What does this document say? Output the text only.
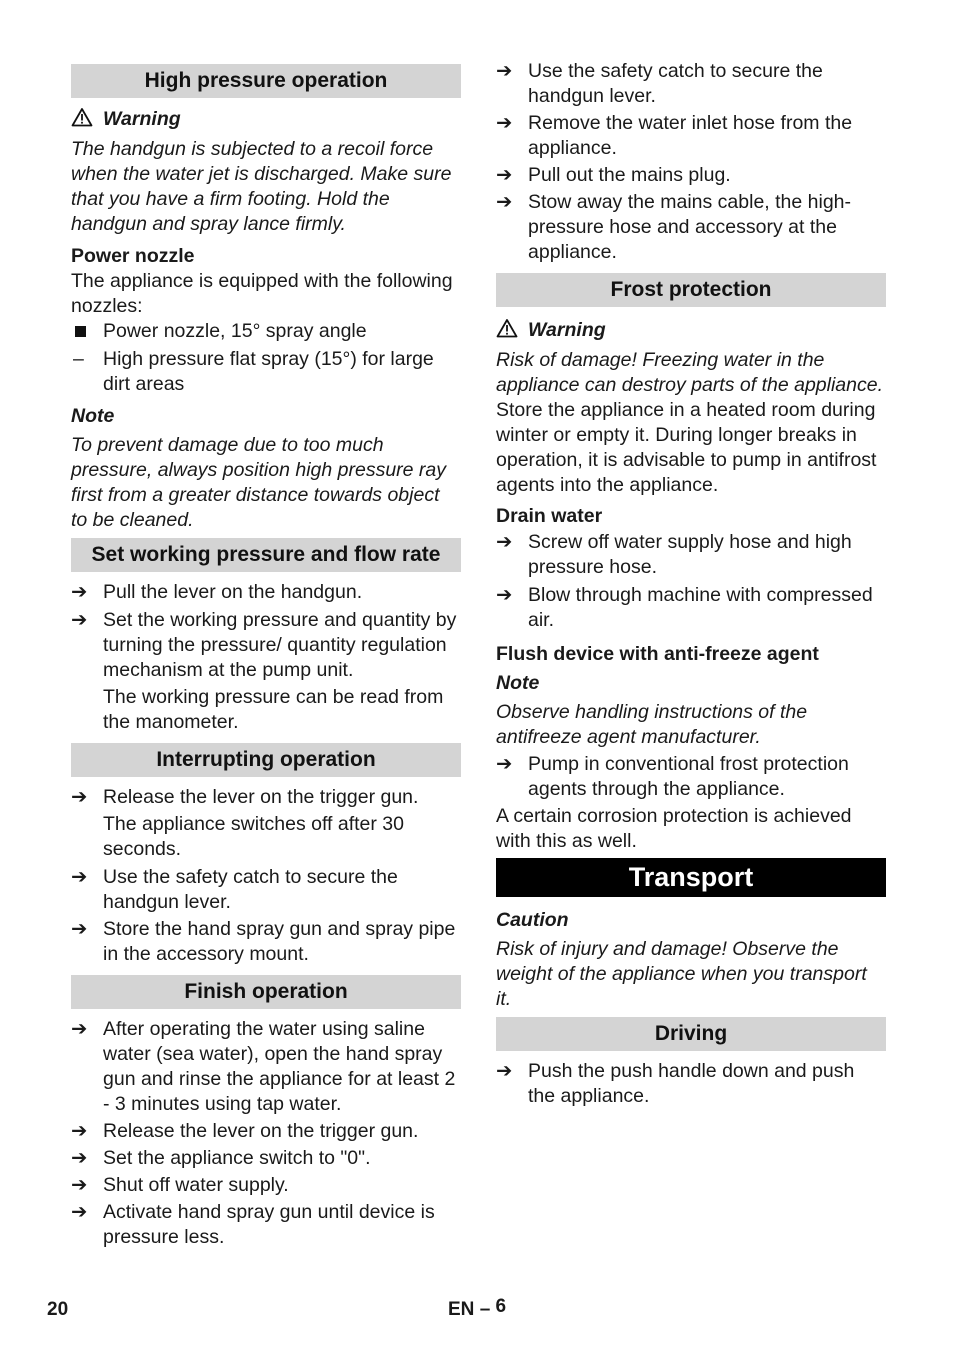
High pressure operation
Warning
The handgun is subjected to a recoil force when the water jet is discharged. Make sure that you have a firm footing. Hold the handgun and spray lance firmly.
Power nozzle
The appliance is equipped with the following nozzles:
Power nozzle, 15° spray angle
– High pressure flat spray (15°) for large dirt areas
Note
To prevent damage due to too much pressure, always position high pressure ray first from a greater distance towards object to be cleaned.
Set working pressure and flow rate
➔ Pull the lever on the handgun.
➔ Set the working pressure and quantity by turning the pressure/ quantity regulation mechanism at the pump unit.
The working pressure can be read from the manometer.
Interrupting operation
➔ Release the lever on the trigger gun.
The appliance switches off after 30 seconds.
➔ Use the safety catch to secure the handgun lever.
➔ Store the hand spray gun and spray pipe in the accessory mount.
Finish operation
➔ After operating the water using saline water (sea water), open the hand spray gun and rinse the appliance for at least 2 - 3 minutes using tap water.
➔ Release the lever on the trigger gun.
➔ Set the appliance switch to "0".
➔ Shut off water supply.
➔ Activate hand spray gun until device is pressure less.
➔ Use the safety catch to secure the handgun lever.
➔ Remove the water inlet hose from the appliance.
➔ Pull out the mains plug.
➔ Stow away the mains cable, the high-pressure hose and accessory at the appliance.
Frost protection
Warning
Risk of damage! Freezing water in the appliance can destroy parts of the appliance.
Store the appliance in a heated room during winter or empty it. During longer breaks in operation, it is advisable to pump in antifrost agents into the appliance.
Drain water
➔ Screw off water supply hose and high pressure hose.
➔ Blow through machine with compressed air.
Flush device with anti-freeze agent
Note
Observe handling instructions of the antifreeze agent manufacturer.
➔ Pump in conventional frost protection agents through the appliance.
A certain corrosion protection is achieved with this as well.
Transport
Caution
Risk of injury and damage! Observe the weight of the appliance when you transport it.
Driving
➔ Push the push handle down and push the appliance.
20	EN – 6
